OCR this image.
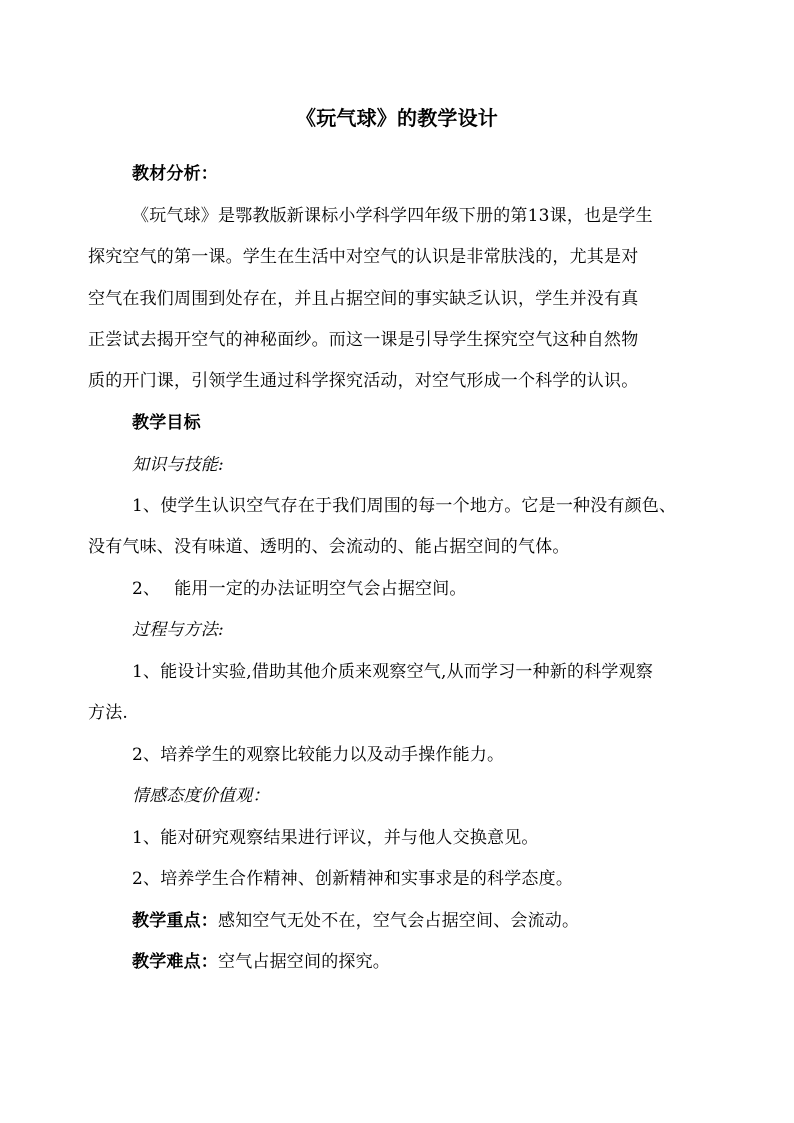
《玩气球》的教学设计
教材分析：
《玩气球》是鄂教版新课标小学科学四年级下册的第13课，也是学生
探究空气的第一课。学生在生活中对空气的认识是非常肤浅的，尤其是对
空气在我们周围到处存在，并且占据空间的事实缺乏认识，学生并没有真
正尝试去揭开空气的神秘面纱。而这一课是引导学生探究空气这种自然物
质的开门课，引领学生通过科学探究活动，对空气形成一个科学的认识。
教学目标
知识与技能:
1、使学生认识空气存在于我们周围的每一个地方。它是一种没有颜色、
没有气味、没有味道、透明的、会流动的、能占据空间的气体。
2、 能用一定的办法证明空气会占据空间。
过程与方法:
1、能设计实验,借助其他介质来观察空气,从而学习一种新的科学观察
方法.
2、培养学生的观察比较能力以及动手操作能力。
情感态度价值观：
1、能对研究观察结果进行评议，并与他人交换意见。
2、培养学生合作精神、创新精神和实事求是的科学态度。
教学重点：感知空气无处不在，空气会占据空间、会流动。
教学难点：空气占据空间的探究。
